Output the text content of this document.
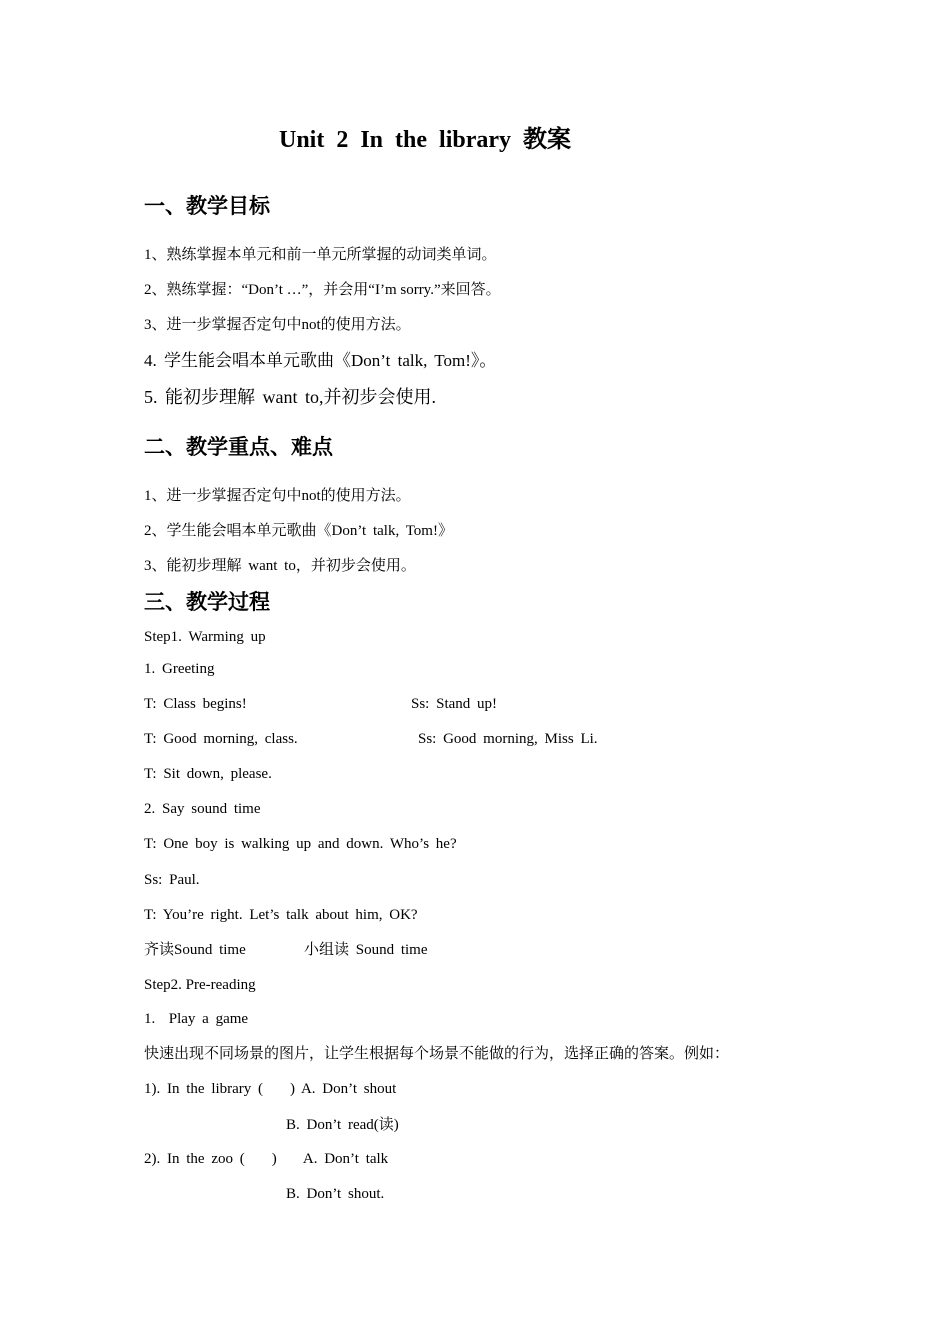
Unit 2 In the library 教案
一、教学目标
1、熟练掌握本单元和前一单元所掌握的动词类单词。
2、熟练掌握：“Don’t …”，并会用“I’m sorry.”来回答。
3、进一步掌握否定句中not的使用方法。
4. 学生能会唱本单元歌曲《Don’t talk, Tom!》。
5. 能初步理解 want to,并初步会使用.
二、教学重点、难点
1、进一步掌握否定句中not的使用方法。
2、学生能会唱本单元歌曲《Don’t talk, Tom!》
3、能初步理解 want to，并初步会使用。
三、教学过程
Step1. Warming up
1. Greeting
T: Class begins!	Ss: Stand up!
T: Good morning, class.	Ss: Good morning, Miss Li.
T: Sit down, please.
2. Say sound time
T: One boy is walking up and down. Who’s he?
Ss: Paul.
T: You’re right. Let’s talk about him, OK?
齐读Sound time	小组读 Sound time
Step2. Pre-reading
1.  Play a game
快速出现不同场景的图片，让学生根据每个场景不能做的行为，选择正确的答案。例如：
1). In the library (    ) A. Don’t shout
B. Don’t read(读)
2). In the zoo (    )    A. Don’t talk
B. Don’t shout.
